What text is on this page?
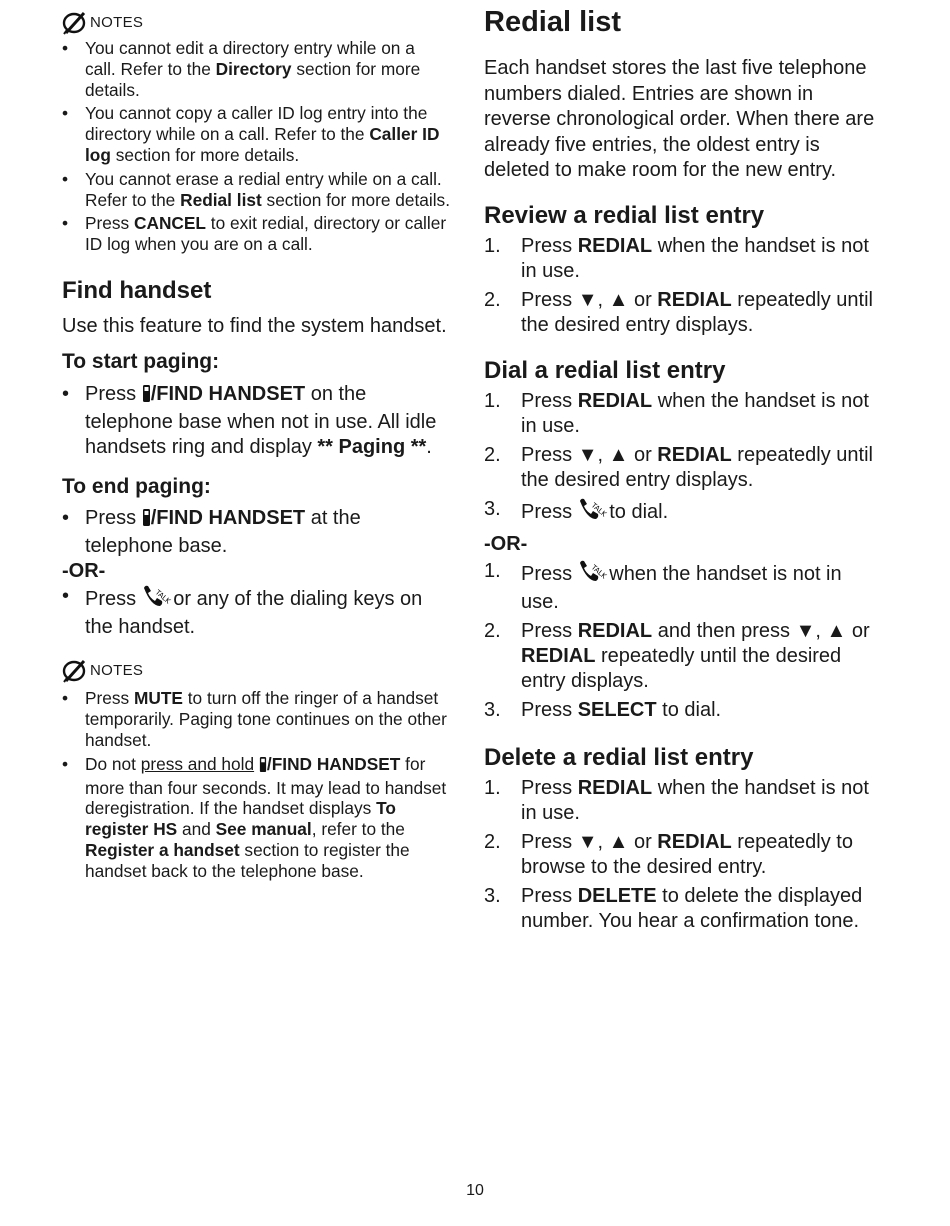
NOTES
• You cannot edit a directory entry while on a call. Refer to the Directory section for more details.
• You cannot copy a caller ID log entry into the directory while on a call. Refer to the Caller ID log section for more details.
• You cannot erase a redial entry while on a call. Refer to the Redial list section for more details.
• Press CANCEL to exit redial, directory or caller ID log when you are on a call.
Find handset

Use this feature to find the system handset.

To start paging:
• Press /FIND HANDSET on the telephone base when not in use. All idle handsets ring and display ** Paging **.
To end paging:
• Press /FIND HANDSET at the telephone base.
-OR-
• Press TALK
or any of the dialing keys on the handset.
NOTES
• Press MUTE to turn off the ringer of a handset temporarily. Paging tone continues on the other handset.
• Do not press and hold /FIND HANDSET for more than four seconds. It may lead to handset deregistration. If the handset displays To register HS and See manual, refer to the Register a handset section to register the handset back to the telephone base.
Redial list

Each handset stores the last five telephone numbers dialed. Entries are shown in reverse chronological order. When there are already five entries, the oldest entry is deleted to make room for the new entry.

Review a redial list entry
1. Press REDIAL when the handset is not in use.
2. Press ▼, ▲ or REDIAL repeatedly until the desired entry displays.
Dial a redial list entry
1. Press REDIAL when the handset is not in use.
2. Press ▼, ▲ or REDIAL repeatedly until the desired entry displays.
3. Press TALK
to dial.
-OR-
1. Press TALK
when the handset is not in use.
2. Press REDIAL and then press ▼, ▲ or REDIAL repeatedly until the desired entry displays.
3. Press SELECT to dial.
Delete a redial list entry
1. Press REDIAL when the handset is not in use.
2. Press ▼, ▲ or REDIAL repeatedly to browse to the desired entry.
3. Press DELETE to delete the displayed number. You hear a confirmation tone.
10
